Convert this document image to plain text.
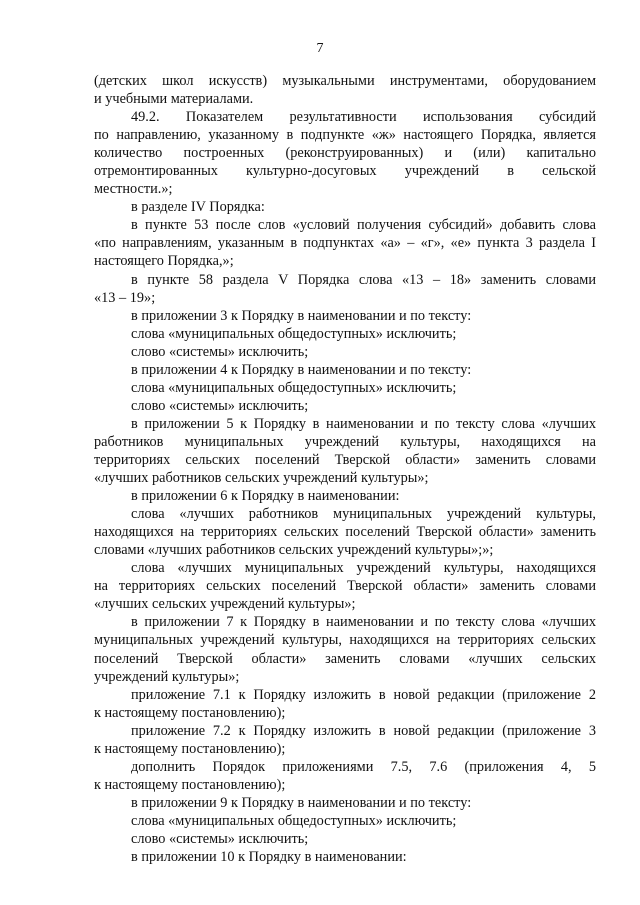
7
(детских школ искусств) музыкальными инструментами, оборудованием
и учебными материалами.
49.2. Показателем результативности использования субсидий
по направлению, указанному в подпункте «ж» настоящего Порядка, является
количество построенных (реконструированных) и (или) капитально
отремонтированных культурно-досуговых учреждений в сельской
местности.»;
в разделе IV Порядка:
в пункте 53 после слов «условий получения субсидий» добавить слова
«по направлениям, указанным в подпунктах «а» – «г», «е» пункта 3 раздела I
настоящего Порядка,»;
в пункте 58 раздела V Порядка слова «13 – 18» заменить словами
«13 – 19»;
в приложении 3 к Порядку в наименовании и по тексту:
слова «муниципальных общедоступных» исключить;
слово «системы» исключить;
в приложении 4 к Порядку в наименовании и по тексту:
слова «муниципальных общедоступных» исключить;
слово «системы» исключить;
в приложении 5 к Порядку в наименовании и по тексту слова «лучших
работников муниципальных учреждений культуры, находящихся на
территориях сельских поселений Тверской области» заменить словами
«лучших работников сельских учреждений культуры»;
в приложении 6 к Порядку в наименовании:
слова «лучших работников муниципальных учреждений культуры,
находящихся на территориях сельских поселений Тверской области» заменить
словами «лучших работников сельских учреждений культуры»;»;
слова «лучших муниципальных учреждений культуры, находящихся
на территориях сельских поселений Тверской области» заменить словами
«лучших сельских учреждений культуры»;
в приложении 7 к Порядку в наименовании и по тексту слова «лучших
муниципальных учреждений культуры, находящихся на территориях сельских
поселений Тверской области» заменить словами «лучших сельских
учреждений культуры»;
приложение 7.1 к Порядку изложить в новой редакции (приложение 2
к настоящему постановлению);
приложение 7.2 к Порядку изложить в новой редакции (приложение 3
к настоящему постановлению);
дополнить Порядок приложениями 7.5, 7.6 (приложения 4, 5
к настоящему постановлению);
в приложении 9 к Порядку в наименовании и по тексту:
слова «муниципальных общедоступных» исключить;
слово «системы» исключить;
в приложении 10 к Порядку в наименовании:
